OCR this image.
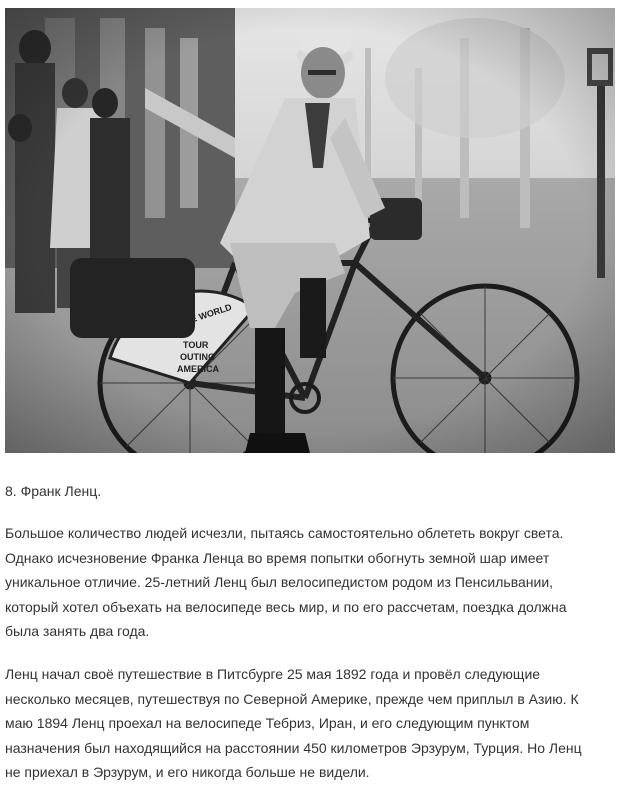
8. Франк Ленц.
Большое количество людей исчезли, пытаясь самостоятельно облететь вокруг света.
Однако исчезновение Франка Ленца во время попытки обогнуть земной шар имеет
уникальное отличие. 25-летний Ленц был велосипедистом родом из Пенсильвании,
который хотел объехать на велосипеде весь мир, и по его рассчетам, поездка должна
была занять два года.
Ленц начал своё путешествие в Питсбурге 25 мая 1892 года и провёл следующие
несколько месяцев, путешествуя по Северной Америке, прежде чем приплыл в Азию. К
маю 1894 Ленц проехал на велосипеде Тебриз, Иран, и его следующим пунктом
назначения был находящийся на расстоянии 450 километров Эрзурум, Турция. Но Ленц
не приехал в Эрзурум, и его никогда больше не видели.
